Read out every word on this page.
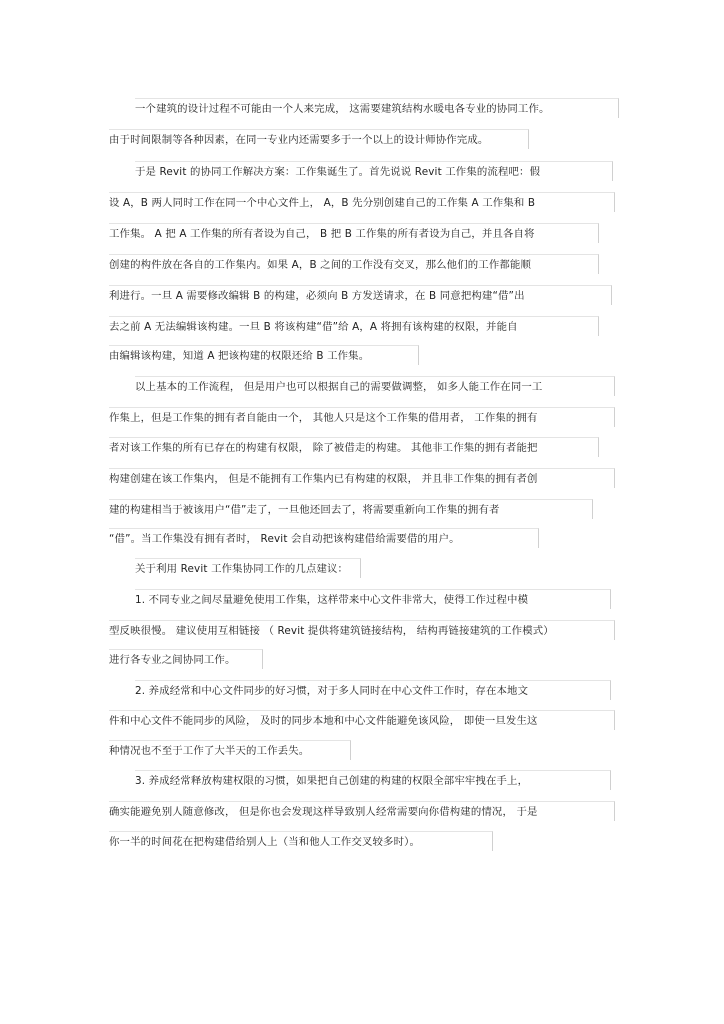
一个建筑的设计过程不可能由一个人来完成， 这需要建筑结构水暖电各专业的协同工作。
由于时间限制等各种因素，在同一专业内还需要多于一个以上的设计师协作完成。
于是 Revit 的协同工作解决方案：工作集诞生了。首先说说 Revit 工作集的流程吧：假
设 A，B 两人同时工作在同一个中心文件上， A，B 先分别创建自己的工作集 A 工作集和 B
工作集。 A 把 A 工作集的所有者设为自己， B 把 B 工作集的所有者设为自己，并且各自将
创建的构件放在各自的工作集内。如果 A，B 之间的工作没有交叉，那么他们的工作都能顺
利进行。一旦 A 需要修改编辑 B 的构建，必须向 B 方发送请求，在 B 同意把构建“借”出
去之前 A 无法编辑该构建。一旦 B 将该构建“借”给 A，A 将拥有该构建的权限，并能自
由编辑该构建，知道 A 把该构建的权限还给 B 工作集。
以上基本的工作流程， 但是用户也可以根据自己的需要做调整， 如多人能工作在同一工
作集上，但是工作集的拥有者自能由一个， 其他人只是这个工作集的借用者， 工作集的拥有
者对该工作集的所有已存在的构建有权限， 除了被借走的构建。 其他非工作集的拥有者能把
构建创建在该工作集内， 但是不能拥有工作集内已有构建的权限， 并且非工作集的拥有者创
建的构建相当于被该用户“借”走了，一旦他还回去了，将需要重新向工作集的拥有者
“借”。当工作集没有拥有者时， Revit 会自动把该构建借给需要借的用户。
关于利用 Revit 工作集协同工作的几点建议：
1. 不同专业之间尽量避免使用工作集，这样带来中心文件非常大，使得工作过程中模
型反映很慢。 建议使用互相链接 （ Revit 提供将建筑链接结构， 结构再链接建筑的工作模式）
进行各专业之间协同工作。
2. 养成经常和中心文件同步的好习惯，对于多人同时在中心文件工作时，存在本地文
件和中心文件不能同步的风险， 及时的同步本地和中心文件能避免该风险， 即使一旦发生这
种情况也不至于工作了大半天的工作丢失。
3. 养成经常释放构建权限的习惯，如果把自己创建的构建的权限全部牢牢拽在手上，
确实能避免别人随意修改， 但是你也会发现这样导致别人经常需要向你借构建的情况， 于是
你一半的时间花在把构建借给别人上（当和他人工作交叉较多时）。
